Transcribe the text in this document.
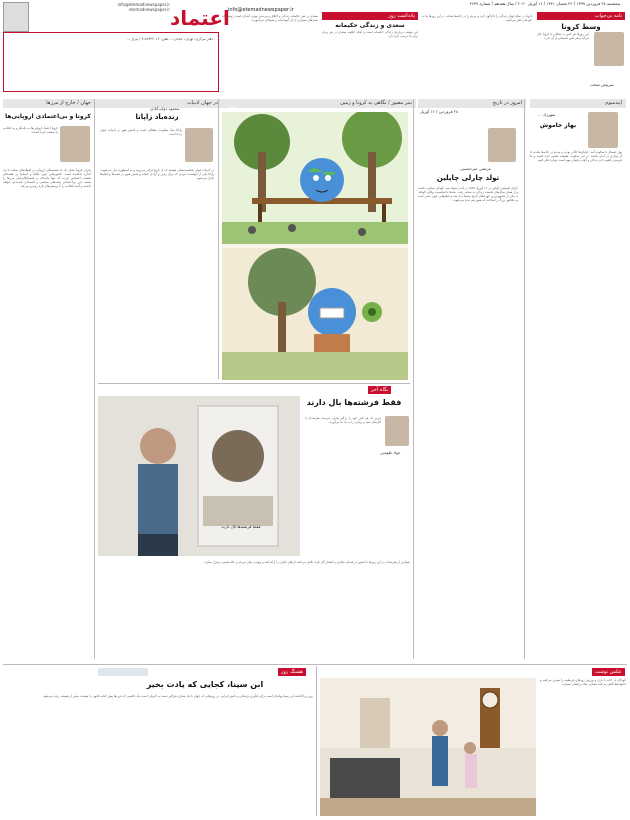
info@etemadnewspaper.ir
etemadnewspaper.ir
پنجشنبه ۲۸ فروردین ۱۳۹۹ / ۲۲ شعبان ۱۴۴۱ / ۱۶ آوریل ۲۰۲۰ / سال هفدهم / شماره ۴۶۳۷
info@etemadnewspaper.ir
اعتماد
دفتر مرکزی: تهران، خیابان ... تلفن: ۸۸۹۴۲۰۱۶-۹ / تیراژ ...
سعدی در هنر حکیمانه زندگی و اخلاق و مردمی بودن، آینه‌ای است روشن که نسل‌های بسیاری از آن آموخته‌اند و همچنان می‌آموزند.
یادداشت روز
سعدی و زندگی حکیمانه
این نوشته درباره‌ی زندگی حکیمانه است و اینکه چگونه سعدی در هر زمان برای ما درسی تازه دارد.
کرونا در تمام جهان زندگی را دگرگون کرد و مردم را در خانه‌ها نشاند. در این روزها ما به خودمان فکر می‌کنیم.
نامه بی‌جواب
وسط کرونا
این روزها هر کس به شکلی با کرونا کنار می‌آید و هر کس داستانی از آن دارد.
سروش صحت
جهان / خارج از مرزها	در جهان ادبیات	تیتر مصور / نگاهی به کرونا و زمین	امروز در تاریخ	اپیدمیوم
کرونا و بی‌اعتمادی اروپایی‌ها
کرونا اعتماد اروپایی‌ها به یکدیگر و به اتحادیه را سست کرده است.
بحران کرونا نشان داد که همبستگی اروپایی در لحظه‌های سخت تا چه اندازه شکننده است. کشورهایی چون ایتالیا و اسپانیا در هفته‌های نخست احساس کردند که تنها مانده‌اند و همسایگان‌شان مرزها را بستند. این بی‌اعتمادی پیامدهای سیاسی و اقتصادی بلندمدتی خواهد داشت و آینده اتحادیه را با پرسش‌های تازه روبه‌رو می‌کند.
زنده‌باد زاپاتا
محمود دولت‌آبادی
زاپاتا نماد مقاومت دهقانان است و نامش هنوز در ادبیات جهان زنده است.
در ادبیات جهان شخصیت‌هایی هستند که از تاریخ فراتر می‌روند و به اسطوره بدل می‌شوند. زاپاتا یکی از آنهاست؛ مردی که برای زمین و آزادی جنگید و یادش هنوز در قصه‌ها و فیلم‌ها تکرار می‌شود.
رنجبر
۲۸ فروردین / ۱۶ آوریل
مرتضی میرحسینی
تولد چارلی چاپلین
چارلز اسپنسر چاپلین در ۱۶ آوریل ۱۸۸۹ در لندن متولد شد. کودکی سختی داشت و از همان سال‌های نخست زندگی به صحنه رفت. بعدها با شخصیت ولگرد کوچک به یکی از مشهورترین چهره‌های تاریخ سینما بدل شد و فیلم‌هایی چون عصر جدید و دیکتاتور بزرگ را ساخت که هنوز هم دیده می‌شوند.
شهرزاد ...
بهار خاموش
بهار امسال با سکوت آمد. خیابان‌ها خالی بودند و مردم در خانه‌ها ماندند تا از بیماری در امان باشند. در این سکوت، طبیعت نفسی تازه کشید و ما فرصتی یافتیم تا به زندگی و آنچه برایمان مهم است دوباره فکر کنیم.
نگاه آخر
فقط فرشته‌ها بال دارند
جواد طوسی
دوری که هر کس خود را درگیر بحران می‌بیند، هنرمندان با آثارشان امید و زیبایی را به یاد ما می‌آورند.
فقط فرشته‌ها بال دارند
بسیاری از هنرمندان در این روزها با حضور در فضای مجازی و انتشار آثار تازه، تلاش می‌کنند دل‌های نگران را آرام کنند و پیوندی میان مردم در خانه‌نشینی برقرار سازند.
هشتگ روز
ابن سینا، کجایی که یادت بخیر
روز بزرگداشت ابن سینا بهانه‌ای است برای یادآوری پزشکی و دانش ایرانی. در روزهایی که جهان با یک بیماری فراگیر دست به گریبان است، یاد حکیمی که قرن‌ها پیش کتاب قانون را نوشت، بیش از همیشه زنده می‌شود.
عکس نوشت
کودکان در خانه با بازی و ورزش روزهای قرنطینه را سپری می‌کنند و خانواده‌ها تلاش می‌کنند فضایی شاد برایشان بسازند.
